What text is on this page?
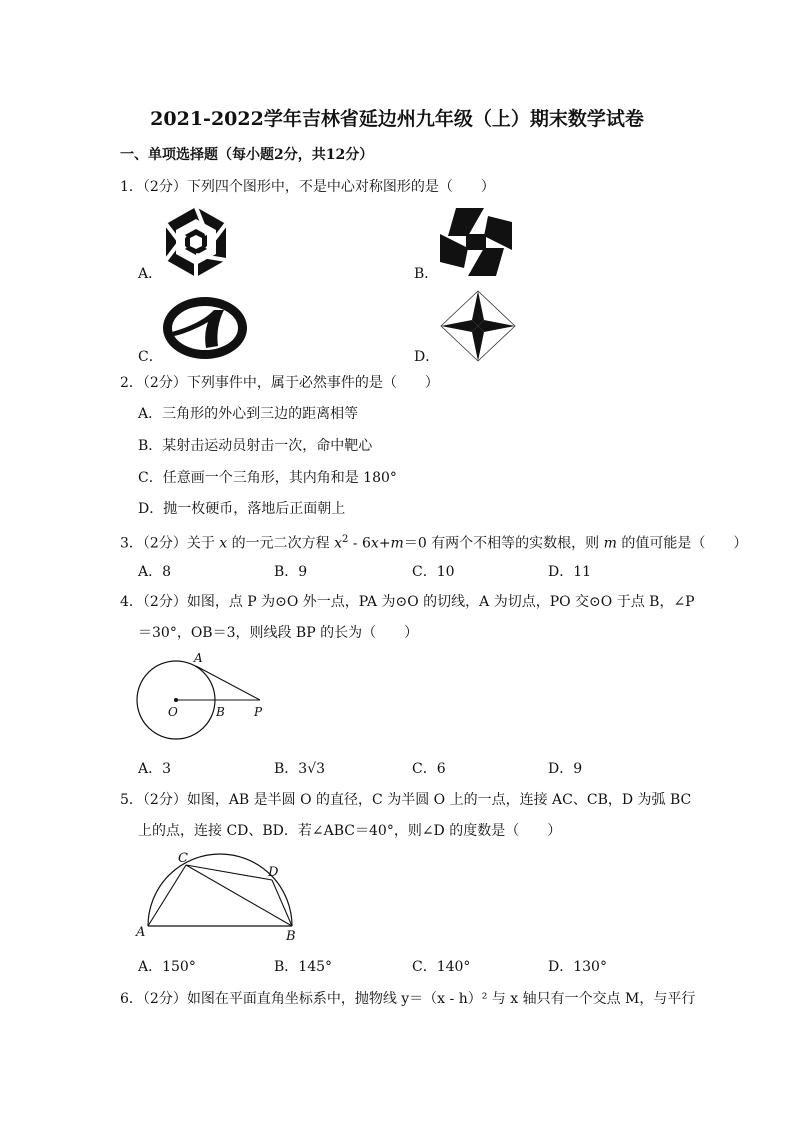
2021-2022学年吉林省延边州九年级（上）期末数学试卷
一、单项选择题（每小题2分，共12分）
1．（2分）下列四个图形中，不是中心对称图形的是（　　）
A．	B．
C．	D．
2．（2分）下列事件中，属于必然事件的是（　　）
A．三角形的外心到三边的距离相等
B．某射击运动员射击一次，命中靶心
C．任意画一个三角形，其内角和是 180°
D．抛一枚硬币，落地后正面朝上
3．（2分）关于 x 的一元二次方程 $x^2 - 6x+m=0$ 有两个不相等的实数根，则 m 的值可能是（　　）
A．8	B．9	C．10	D．11
4．（2分）如图，点 P 为⊙O 外一点，PA 为⊙O 的切线，A 为切点，PO 交⊙O 于点 B，∠P
＝30°，OB＝3，则线段 BP 的长为（　　）
A
O	B P
A．3	B．3√3	C．6	D．9
5．（2分）如图，AB 是半圆 O 的直径，C 为半圆 O 上的一点，连接 AC、CB，D 为弧 BC
上的点，连接 CD、BD．若∠ABC＝40°，则∠D 的度数是（　　）
C
D
A	B
A．150°	B．145°	C．140°	D．130°
6．（2分）如图在平面直角坐标系中，抛物线 y＝（x - h）² 与 x 轴只有一个交点 M，与平行
